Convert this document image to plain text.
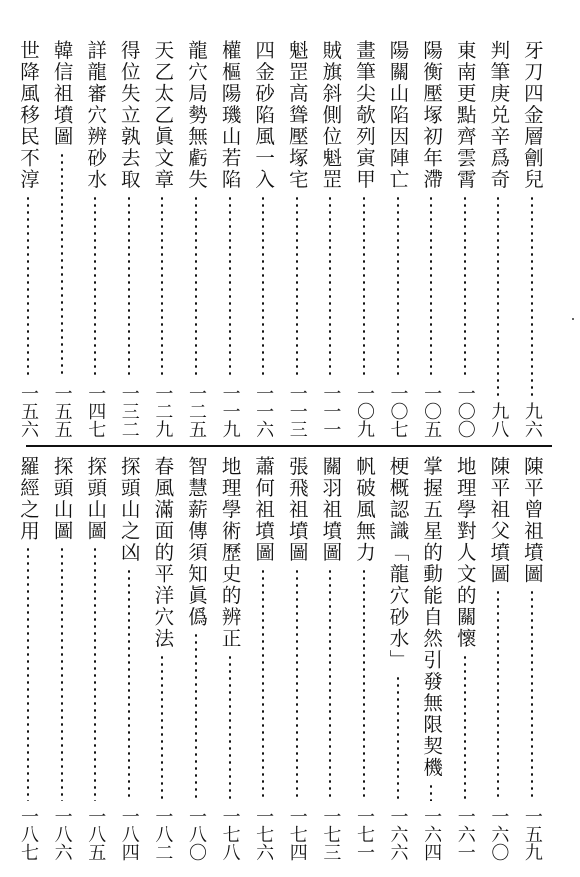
牙刀四金層劊兒
九六
判筆庚兑辛爲奇
九八
東南更點齊雲霄
一〇〇
陽衡壓塚初年滯
一〇五
陽關山陷因陣亡
一〇七
畫筆尖欹列寅甲
一〇九
賊旗斜側位魁罡
一一一
魁罡高聳壓塚宅
一一三
四金砂陷風一入
一一六
權樞陽璣山若陷
一一九
龍穴局勢無虧失
一二五
天乙太乙眞文章
一二九
得位失立孰去取
一三二
詳龍審穴辨砂水
一四七
韓信祖墳圖
一五五
世降風移民不淳
一五六
陳平曾祖墳圖
一五九
陳平祖父墳圖
一六〇
地理學對人文的關懷
一六一
掌握五星的動能自然引發無限契機
一六四
梗概認識「龍穴砂水」
一六六
帆破風無力
一七一
關羽祖墳圖
一七三
張飛祖墳圖
一七四
蕭何祖墳圖
一七六
地理學術歷史的辨正
一七八
智慧薪傳須知眞僞
一八〇
春風滿面的平洋穴法
一八二
探頭山之凶
一八四
探頭山圖
一八五
探頭山圖
一八六
羅經之用
一八七
